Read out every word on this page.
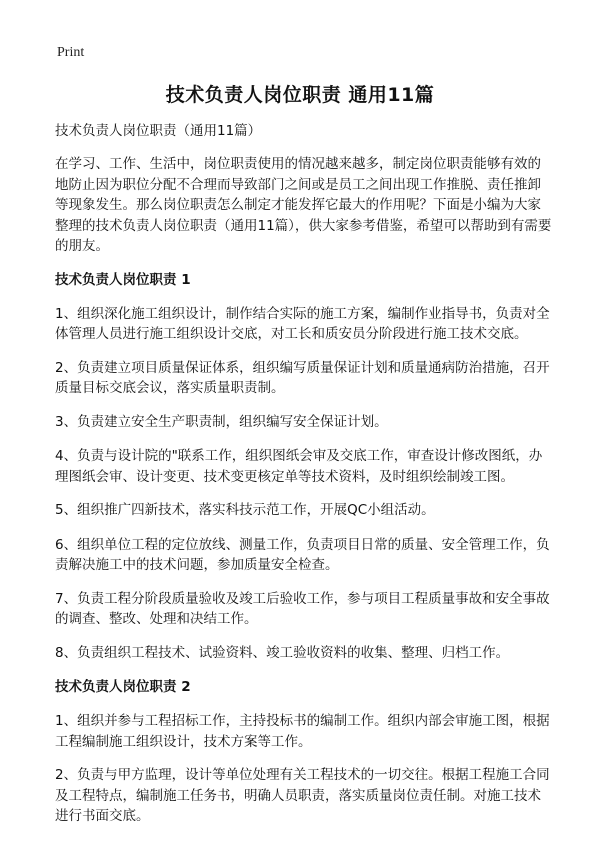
Print
技术负责人岗位职责 通用11篇
技术负责人岗位职责（通用11篇）

在学习、工作、生活中，岗位职责使用的情况越来越多，制定岗位职责能够有效的地防止因为职位分配不合理而导致部门之间或是员工之间出现工作推脱、责任推卸等现象发生。那么岗位职责怎么制定才能发挥它最大的作用呢？下面是小编为大家整理的技术负责人岗位职责（通用11篇），供大家参考借鉴，希望可以帮助到有需要的朋友。

技术负责人岗位职责 1

1、组织深化施工组织设计，制作结合实际的施工方案，编制作业指导书，负责对全体管理人员进行施工组织设计交底，对工长和质安员分阶段进行施工技术交底。

2、负责建立项目质量保证体系，组织编写质量保证计划和质量通病防治措施，召开质量目标交底会议，落实质量职责制。

3、负责建立安全生产职责制，组织编写安全保证计划。

4、负责与设计院的"联系工作，组织图纸会审及交底工作，审查设计修改图纸，办理图纸会审、设计变更、技术变更核定单等技术资料，及时组织绘制竣工图。

5、组织推广四新技术，落实科技示范工作，开展QC小组活动。

6、组织单位工程的定位放线、测量工作，负责项目日常的质量、安全管理工作，负责解决施工中的技术问题，参加质量安全检查。

7、负责工程分阶段质量验收及竣工后验收工作，参与项目工程质量事故和安全事故的调查、整改、处理和决结工作。

8、负责组织工程技术、试验资料、竣工验收资料的收集、整理、归档工作。

技术负责人岗位职责 2

1、组织并参与工程招标工作，主持投标书的编制工作。组织内部会审施工图，根据工程编制施工组织设计，技术方案等工作。

2、负责与甲方监理，设计等单位处理有关工程技术的一切交往。根据工程施工合同及工程特点，编制施工任务书，明确人员职责，落实质量岗位责任制。对施工技术进行书面交底。
